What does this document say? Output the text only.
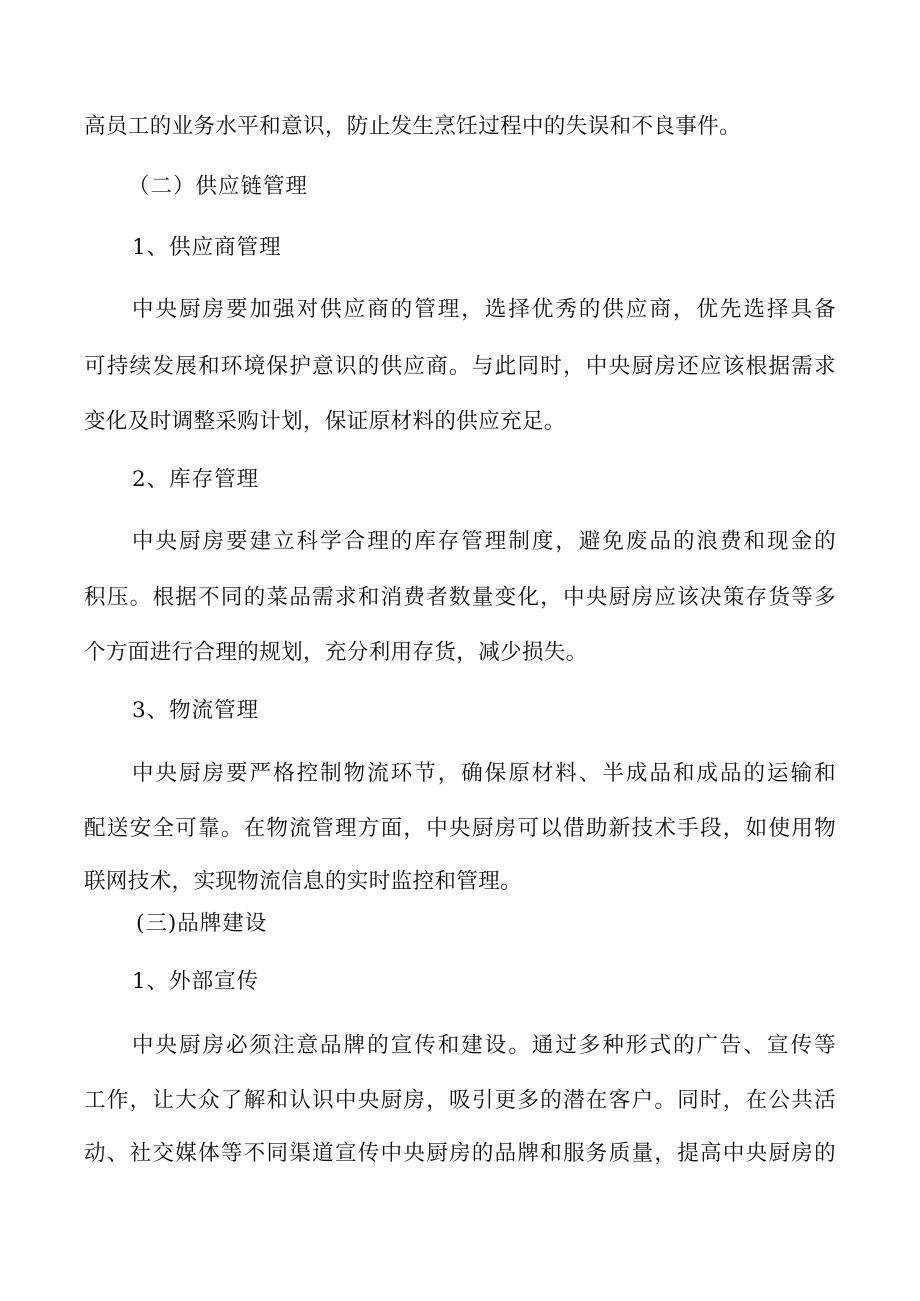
高员工的业务水平和意识，防止发生烹饪过程中的失误和不良事件。
（二）供应链管理
1、供应商管理
中央厨房要加强对供应商的管理，选择优秀的供应商，优先选择具备
可持续发展和环境保护意识的供应商。与此同时，中央厨房还应该根据需求
变化及时调整采购计划，保证原材料的供应充足。
2、库存管理
中央厨房要建立科学合理的库存管理制度，避免废品的浪费和现金的
积压。根据不同的菜品需求和消费者数量变化，中央厨房应该决策存货等多
个方面进行合理的规划，充分利用存货，减少损失。
3、物流管理
中央厨房要严格控制物流环节，确保原材料、半成品和成品的运输和
配送安全可靠。在物流管理方面，中央厨房可以借助新技术手段，如使用物
联网技术，实现物流信息的实时监控和管理。
(三)品牌建设
1、外部宣传
中央厨房必须注意品牌的宣传和建设。通过多种形式的广告、宣传等
工作，让大众了解和认识中央厨房，吸引更多的潜在客户。同时，在公共活
动、社交媒体等不同渠道宣传中央厨房的品牌和服务质量，提高中央厨房的
